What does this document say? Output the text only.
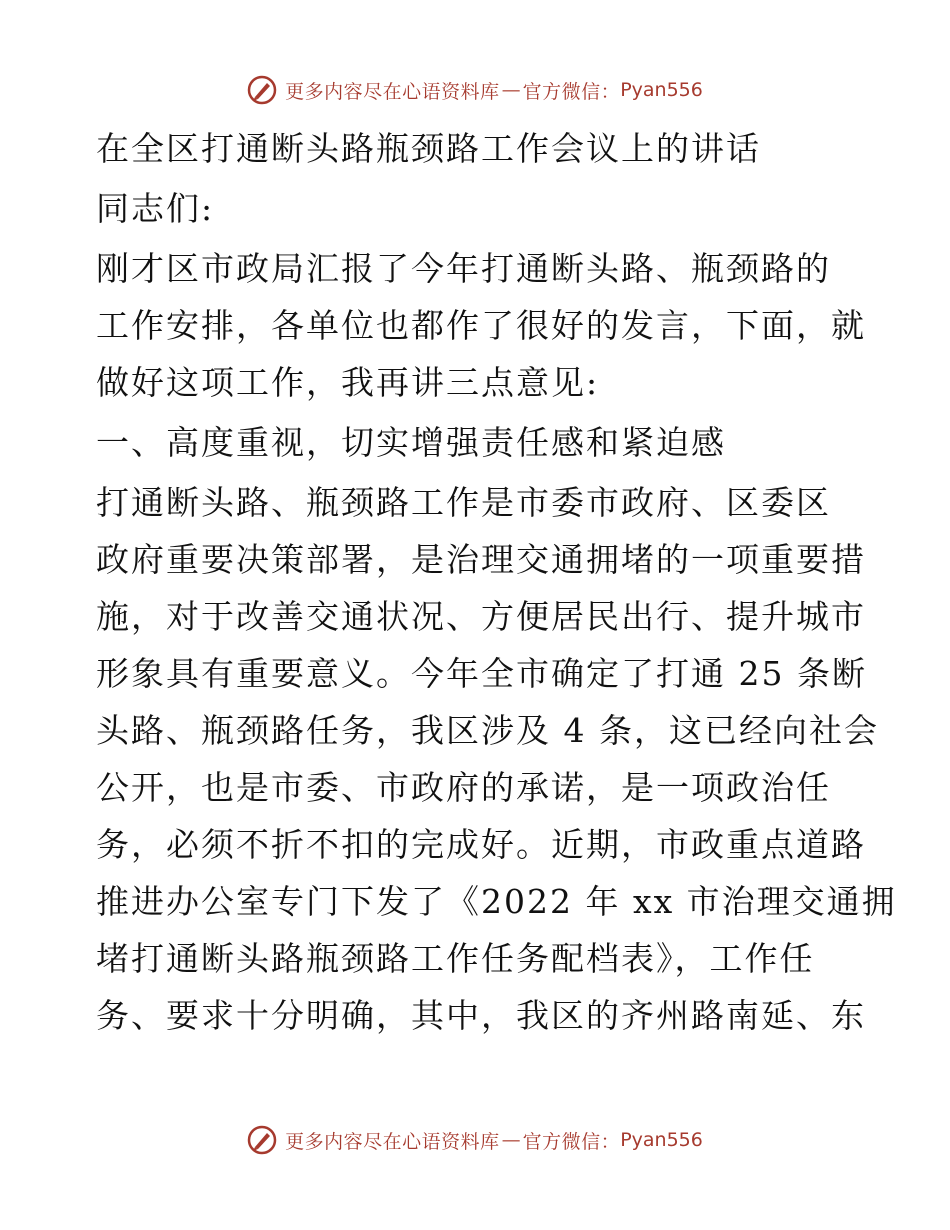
更多内容尽在心语资料库 — 官方微信： Pyan556
在全区打通断头路瓶颈路工作会议上的讲话
同志们:
刚才区市政局汇报了今年打通断头路、瓶颈路的
工作安排，各单位也都作了很好的发言，下面，就
做好这项工作，我再讲三点意见:
一、高度重视，切实增强责任感和紧迫感
打通断头路、瓶颈路工作是市委市政府、区委区
政府重要决策部署，是治理交通拥堵的一项重要措
施，对于改善交通状况、方便居民出行、提升城市
形象具有重要意义。今年全市确定了打通 25 条断
头路、瓶颈路任务，我区涉及 4 条，这已经向社会
公开，也是市委、市政府的承诺，是一项政治任
务，必须不折不扣的完成好。近期，市政重点道路
推进办公室专门下发了《2022 年 xx 市治理交通拥
堵打通断头路瓶颈路工作任务配档表》，工作任
务、要求十分明确，其中，我区的齐州路南延、东
更多内容尽在心语资料库 — 官方微信： Pyan556
